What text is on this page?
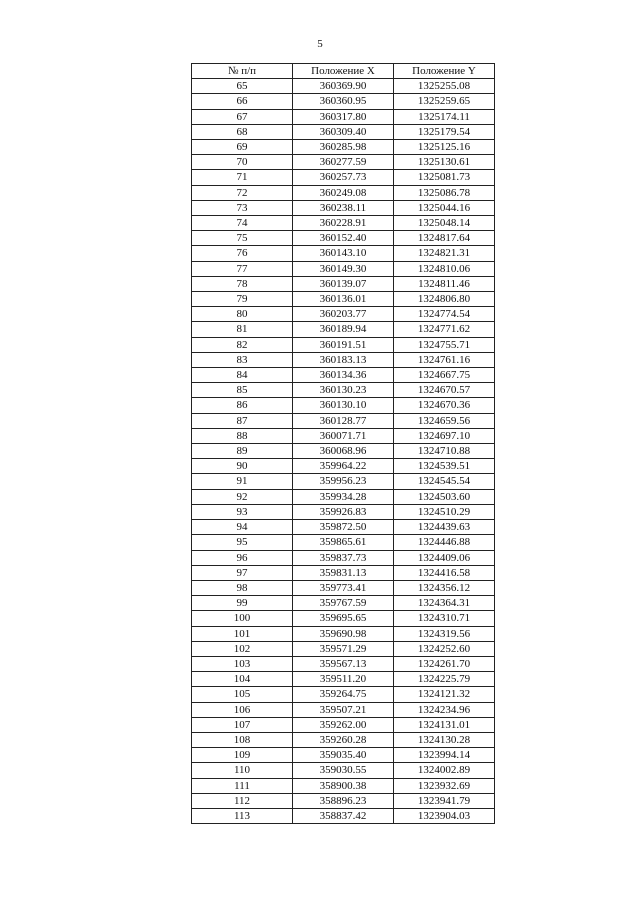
5
№ п/п	Положение X	Положение Y
65	360369.90	1325255.08
66	360360.95	1325259.65
67	360317.80	1325174.11
68	360309.40	1325179.54
69	360285.98	1325125.16
70	360277.59	1325130.61
71	360257.73	1325081.73
72	360249.08	1325086.78
73	360238.11	1325044.16
74	360228.91	1325048.14
75	360152.40	1324817.64
76	360143.10	1324821.31
77	360149.30	1324810.06
78	360139.07	1324811.46
79	360136.01	1324806.80
80	360203.77	1324774.54
81	360189.94	1324771.62
82	360191.51	1324755.71
83	360183.13	1324761.16
84	360134.36	1324667.75
85	360130.23	1324670.57
86	360130.10	1324670.36
87	360128.77	1324659.56
88	360071.71	1324697.10
89	360068.96	1324710.88
90	359964.22	1324539.51
91	359956.23	1324545.54
92	359934.28	1324503.60
93	359926.83	1324510.29
94	359872.50	1324439.63
95	359865.61	1324446.88
96	359837.73	1324409.06
97	359831.13	1324416.58
98	359773.41	1324356.12
99	359767.59	1324364.31
100	359695.65	1324310.71
101	359690.98	1324319.56
102	359571.29	1324252.60
103	359567.13	1324261.70
104	359511.20	1324225.79
105	359264.75	1324121.32
106	359507.21	1324234.96
107	359262.00	1324131.01
108	359260.28	1324130.28
109	359035.40	1323994.14
110	359030.55	1324002.89
111	358900.38	1323932.69
112	358896.23	1323941.79
113	358837.42	1323904.03
